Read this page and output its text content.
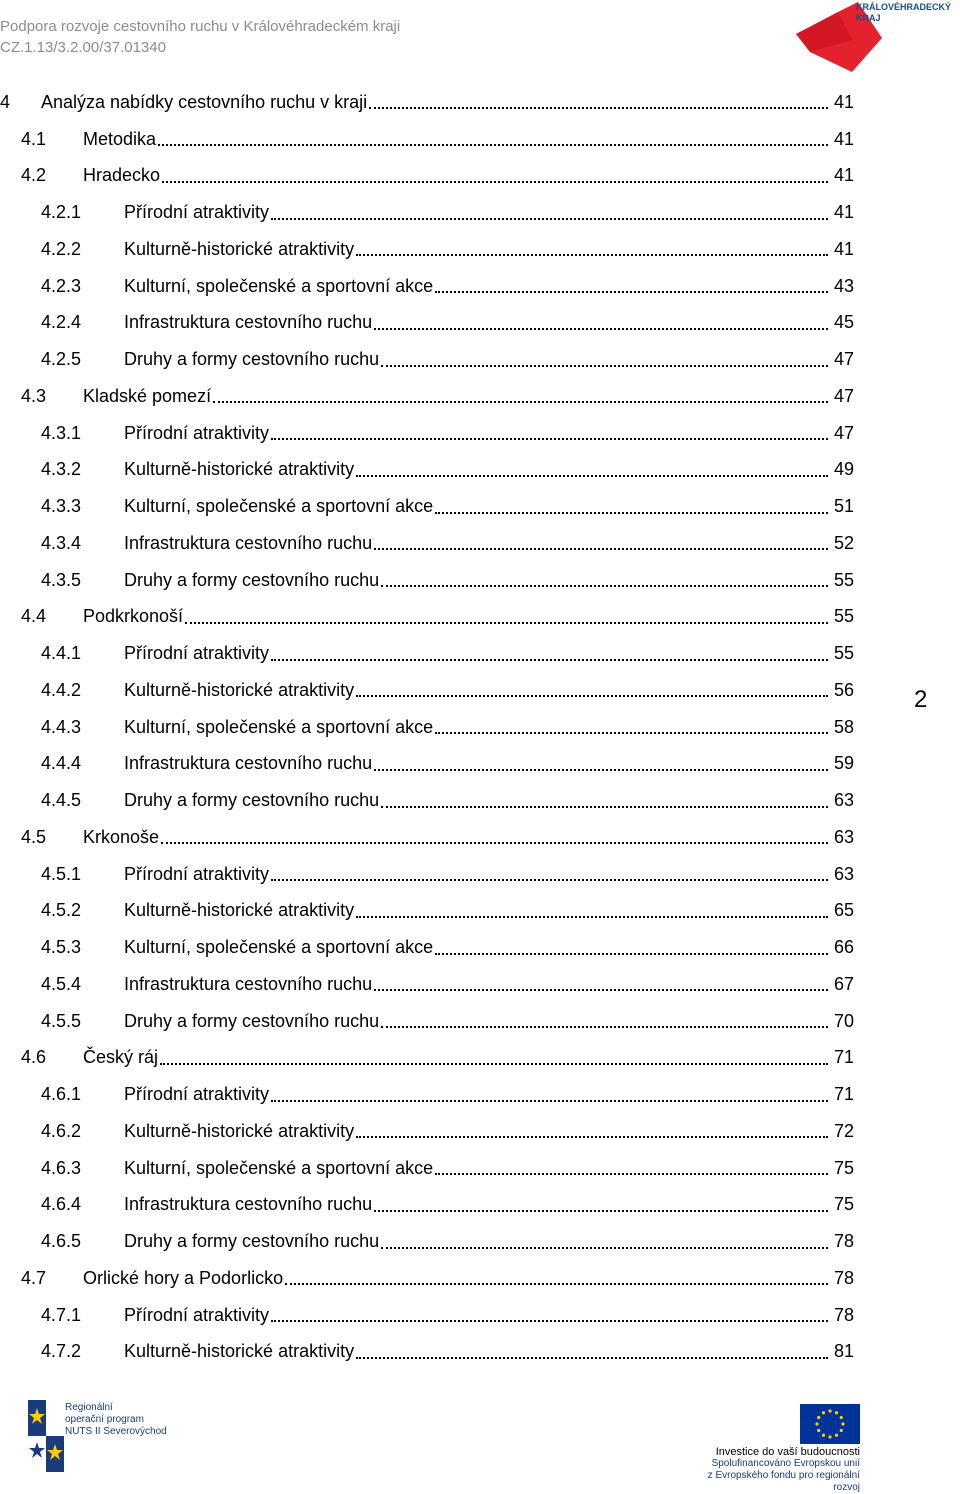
Podpora rozvoje cestovního ruchu v Královéhradeckém kraji
CZ.1.13/3.2.00/37.01340
KRÁLOVÉHRADECKÝ
KRAJ
4 Analýza nabídky cestovního ruchu v kraji	41
4.1 Metodika	41
4.2 Hradecko	41
4.2.1 Přírodní atraktivity	41
4.2.2 Kulturně-historické atraktivity	41
4.2.3 Kulturní, společenské a sportovní akce	43
4.2.4 Infrastruktura cestovního ruchu	45
4.2.5 Druhy a formy cestovního ruchu	47
4.3 Kladské pomezí	47
4.3.1 Přírodní atraktivity	47
4.3.2 Kulturně-historické atraktivity	49
4.3.3 Kulturní, společenské a sportovní akce	51
4.3.4 Infrastruktura cestovního ruchu	52
4.3.5 Druhy a formy cestovního ruchu	55
4.4 Podkrkonoší	55
4.4.1 Přírodní atraktivity	55
4.4.2 Kulturně-historické atraktivity	56
4.4.3 Kulturní, společenské a sportovní akce	58
4.4.4 Infrastruktura cestovního ruchu	59
4.4.5 Druhy a formy cestovního ruchu	63
4.5 Krkonoše	63
4.5.1 Přírodní atraktivity	63
4.5.2 Kulturně-historické atraktivity	65
4.5.3 Kulturní, společenské a sportovní akce	66
4.5.4 Infrastruktura cestovního ruchu	67
4.5.5 Druhy a formy cestovního ruchu	70
4.6 Český ráj	71
4.6.1 Přírodní atraktivity	71
4.6.2 Kulturně-historické atraktivity	72
4.6.3 Kulturní, společenské a sportovní akce	75
4.6.4 Infrastruktura cestovního ruchu	75
4.6.5 Druhy a formy cestovního ruchu	78
4.7 Orlické hory a Podorlicko	78
4.7.1 Přírodní atraktivity	78
4.7.2 Kulturně-historické atraktivity	81
2
Regionální
operační program
NUTS II Severovýchod
Investice do vaší budoucnosti
Spolufinancováno Evropskou unií
z Evropského fondu pro regionální rozvoj
